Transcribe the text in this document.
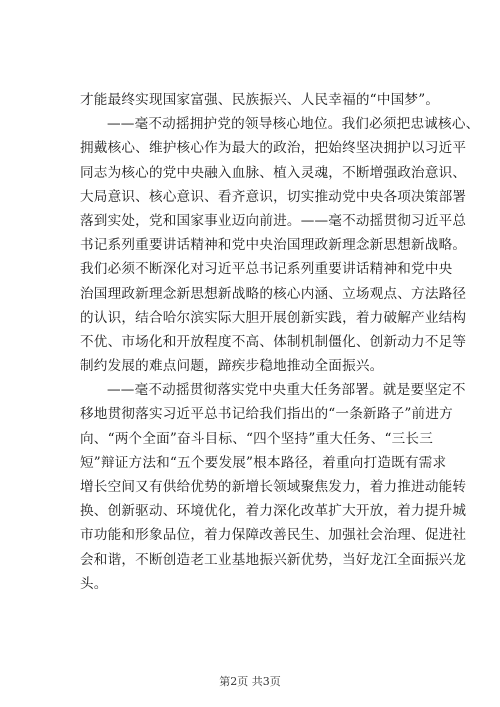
才能最终实现国家富强、民族振兴、人民幸福的“中国梦”。
——毫不动摇拥护党的领导核心地位。我们必须把忠诚核心、
拥戴核心、维护核心作为最大的政治，把始终坚决拥护以习近平
同志为核心的党中央融入血脉、植入灵魂，不断增强政治意识、
大局意识、核心意识、看齐意识，切实推动党中央各项决策部署
落到实处，党和国家事业迈向前进。——毫不动摇贯彻习近平总
书记系列重要讲话精神和党中央治国理政新理念新思想新战略。
我们必须不断深化对习近平总书记系列重要讲话精神和党中央
治国理政新理念新思想新战略的核心内涵、立场观点、方法路径
的认识，结合哈尔滨实际大胆开展创新实践，着力破解产业结构
不优、市场化和开放程度不高、体制机制僵化、创新动力不足等
制约发展的难点问题，蹄疾步稳地推动全面振兴。
——毫不动摇贯彻落实党中央重大任务部署。就是要坚定不
移地贯彻落实习近平总书记给我们指出的“一条新路子”前进方
向、“两个全面”奋斗目标、“四个坚持”重大任务、“三长三
短”辩证方法和“五个要发展”根本路径，着重向打造既有需求
增长空间又有供给优势的新增长领域聚焦发力，着力推进动能转
换、创新驱动、环境优化，着力深化改革扩大开放，着力提升城
市功能和形象品位，着力保障改善民生、加强社会治理、促进社
会和谐，不断创造老工业基地振兴新优势，当好龙江全面振兴龙
头。
第2页 共3页
